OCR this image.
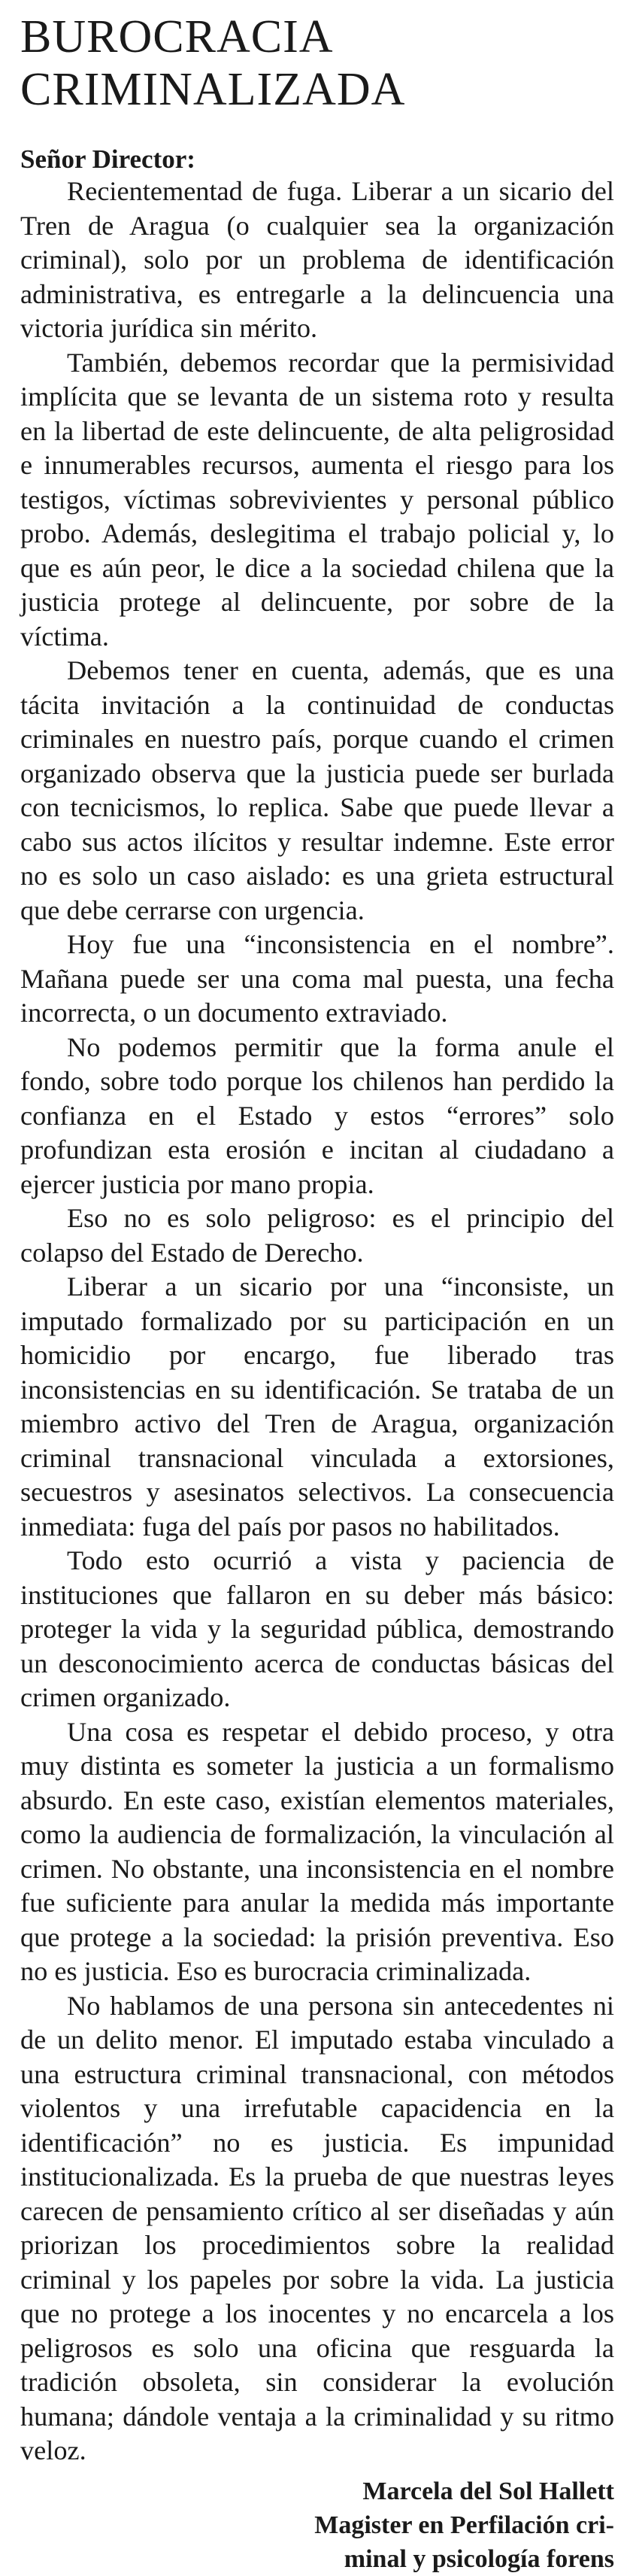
BUROCRACIA
CRIMINALIZADA
Señor Director:

Recientementad de fuga. Liberar a un sicario del Tren de Aragua (o cualquier sea la organización criminal), solo por un problema de identificación administrativa, es entregarle a la delincuencia una victoria jurídica sin mérito.

También, debemos recordar que la permisividad implícita que se levanta de un sistema roto y resulta en la libertad de este delincuente, de alta peligrosidad e innumerables recursos, aumenta el riesgo para los testigos, víctimas sobrevivientes y personal público probo. Además, deslegitima el trabajo policial y, lo que es aún peor, le dice a la sociedad chilena que la justicia protege al delincuente, por sobre de la víctima.

Debemos tener en cuenta, además, que es una tácita invitación a la continuidad de conductas criminales en nuestro país, porque cuando el crimen organizado observa que la justicia puede ser burlada con tecnicismos, lo replica. Sabe que puede llevar a cabo sus actos ilícitos y resultar indemne. Este error no es solo un caso aislado: es una grieta estructural que debe cerrarse con urgencia.

Hoy fue una “inconsistencia en el nombre”. Mañana puede ser una coma mal puesta, una fecha incorrecta, o un documento extraviado.

No podemos permitir que la forma anule el fondo, sobre todo porque los chilenos han perdido la confianza en el Estado y estos “errores” solo profundizan esta erosión e incitan al ciudadano a ejercer justicia por mano propia.

Eso no es solo peligroso: es el principio del colapso del Estado de Derecho.

Liberar a un sicario por una “inconsiste, un imputado formalizado por su participación en un homicidio por encargo, fue liberado tras inconsistencias en su identificación. Se trataba de un miembro activo del Tren de Aragua, organización criminal transnacional vinculada a extorsiones, secuestros y asesinatos selectivos. La consecuencia inmediata: fuga del país por pasos no habilitados.

Todo esto ocurrió a vista y paciencia de instituciones que fallaron en su deber más básico: proteger la vida y la seguridad pública, demostrando un desconocimiento acerca de conductas básicas del crimen organizado.

Una cosa es respetar el debido proceso, y otra muy distinta es someter la justicia a un formalismo absurdo. En este caso, existían elementos materiales, como la audiencia de formalización, la vinculación al crimen. No obstante, una inconsistencia en el nombre fue suficiente para anular la medida más importante que protege a la sociedad: la prisión preventiva. Eso no es justicia. Eso es burocracia criminalizada.

No hablamos de una persona sin antecedentes ni de un delito menor. El imputado estaba vinculado a una estructura criminal transnacional, con métodos violentos y una irrefutable capacidencia en la identificación” no es justicia. Es impunidad institucionalizada. Es la prueba de que nuestras leyes carecen de pensamiento crítico al ser diseñadas y aún priorizan los procedimientos sobre la realidad criminal y los papeles por sobre la vida. La justicia que no protege a los inocentes y no encarcela a los peligrosos es solo una oficina que resguarda la tradición obsoleta, sin considerar la evolución humana; dándole ventaja a la criminalidad y su ritmo veloz.

Marcela del Sol Hallett
Magister en Perfilación cri-
minal y psicología forens
